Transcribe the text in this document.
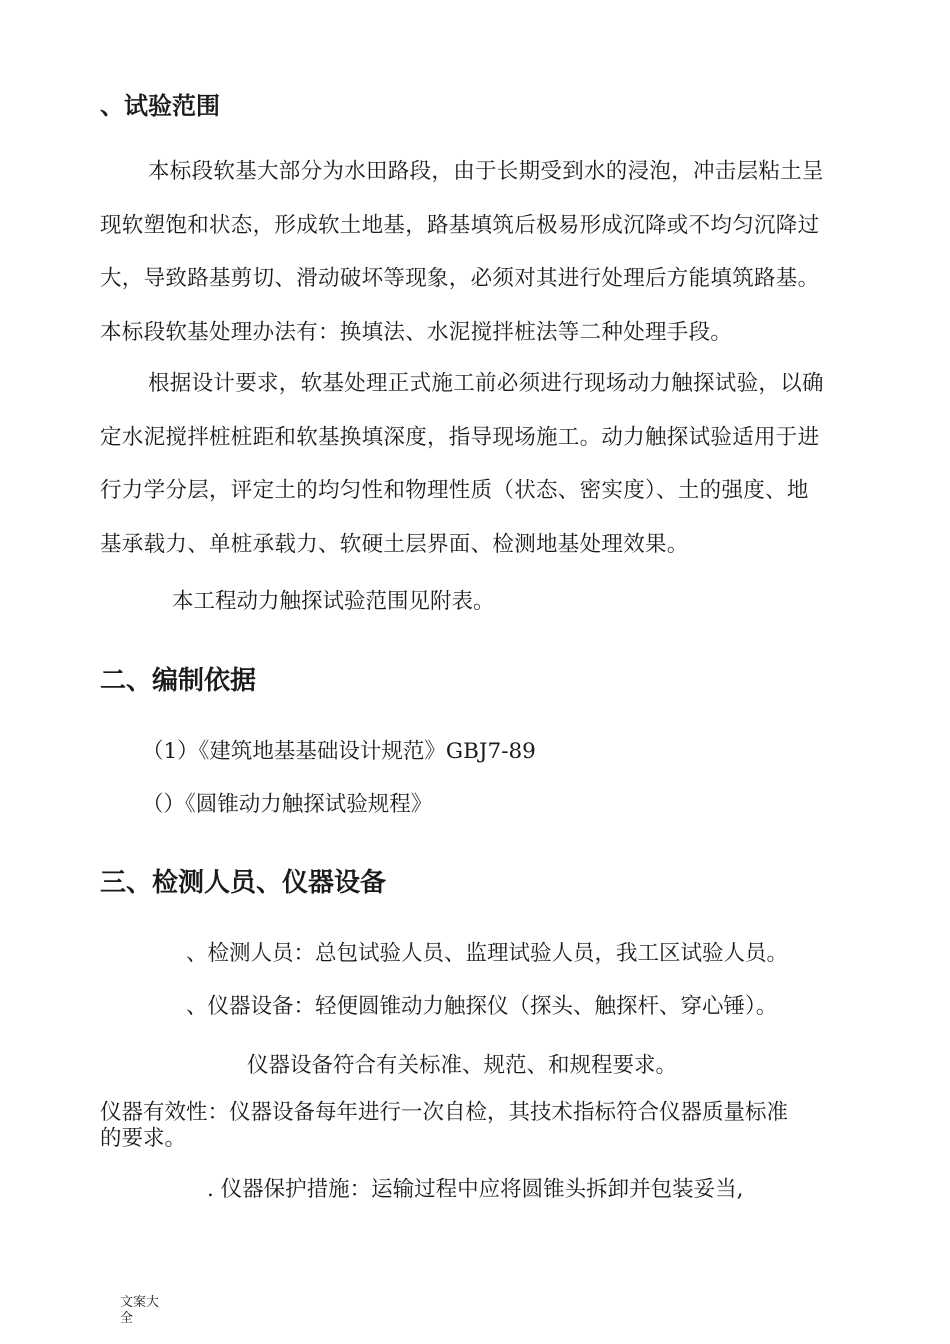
、试验范围

本标段软基大部分为水田路段，由于长期受到水的浸泡，冲击层粘土呈
现软塑饱和状态，形成软土地基，路基填筑后极易形成沉降或不均匀沉降过
大，导致路基剪切、滑动破坏等现象，必须对其进行处理后方能填筑路基。
本标段软基处理办法有：换填法、水泥搅拌桩法等二种处理手段。

根据设计要求，软基处理正式施工前必须进行现场动力触探试验，以确
定水泥搅拌桩桩距和软基换填深度，指导现场施工。动力触探试验适用于进
行力学分层，评定土的均匀性和物理性质（状态、密实度）、土的强度、地
基承载力、单桩承载力、软硬土层界面、检测地基处理效果。

本工程动力触探试验范围见附表。

二、编制依据

（1）《建筑地基基础设计规范》GBJ7-89

（）《圆锥动力触探试验规程》

三、检测人员、仪器设备

、检测人员：总包试验人员、监理试验人员，我工区试验人员。

、仪器设备：轻便圆锥动力触探仪（探头、触探杆、穿心锤）。

仪器设备符合有关标准、规范、和规程要求。

仪器有效性：仪器设备每年进行一次自检，其技术指标符合仪器质量标准
的要求。

. 仪器保护措施：运输过程中应将圆锥头拆卸并包装妥当,

文案大
全
